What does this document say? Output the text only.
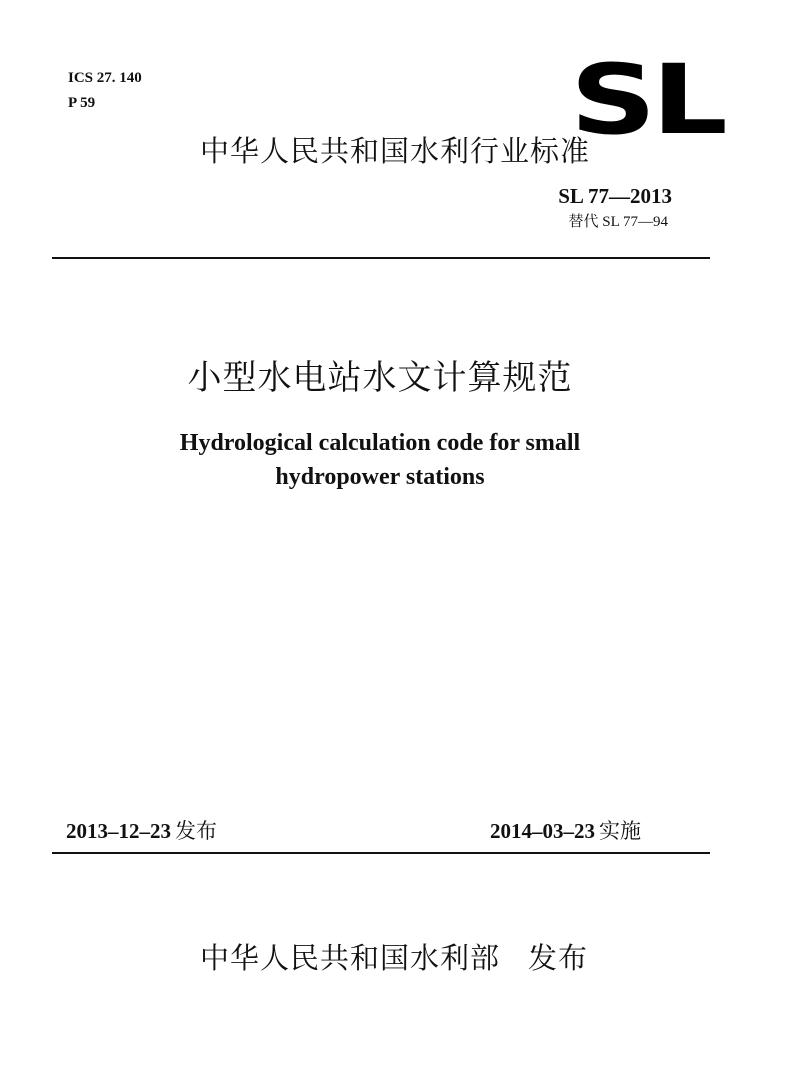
ICS 27. 140
P 59	SL
中华人民共和国水利行业标准
SL 77—2013
替代 SL 77—94
小型水电站水文计算规范
Hydrological calculation code for small
hydropower stations
2013–12–23 发布	2014–03–23 实施
中华人民共和国水利部 发布
